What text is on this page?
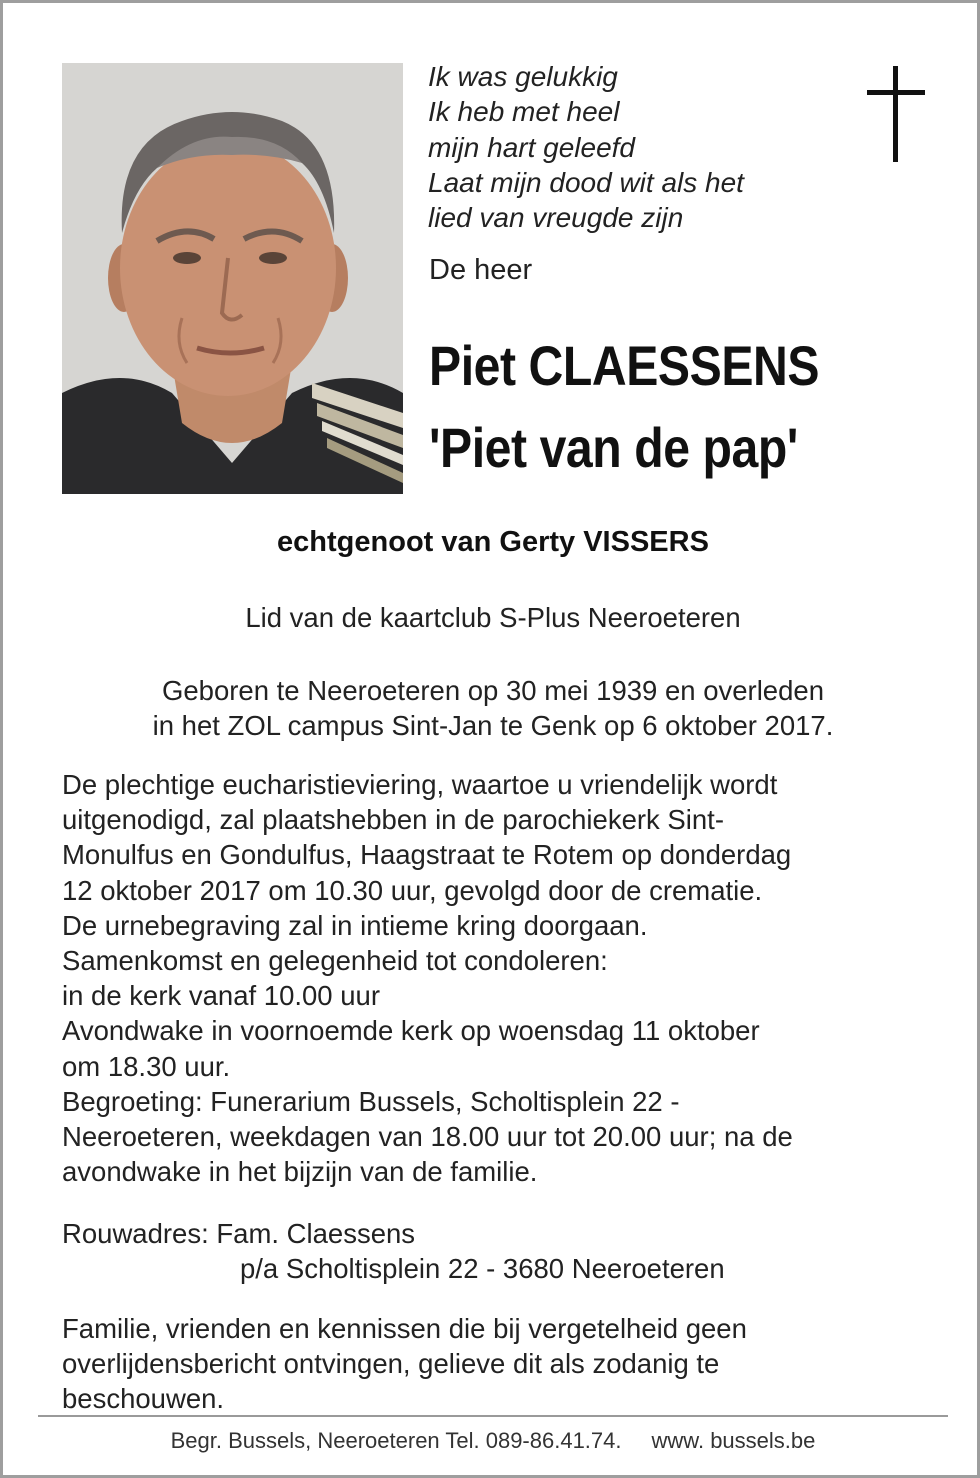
Ik was gelukkig
Ik heb met heel
mijn hart geleefd
Laat mijn dood wit als het
lied van vreugde zijn
De heer
Piet CLAESSENS
'Piet van de pap'
echtgenoot van Gerty VISSERS
Lid van de kaartclub S-Plus Neeroeteren
Geboren te Neeroeteren op 30 mei 1939 en overleden
in het ZOL campus Sint-Jan te Genk op 6 oktober 2017.
De plechtige eucharistieviering, waartoe u vriendelijk wordt
uitgenodigd, zal plaatshebben in de parochiekerk Sint-
Monulfus en Gondulfus, Haagstraat te Rotem op donderdag
12 oktober 2017 om 10.30 uur, gevolgd door de crematie.
De urnebegraving zal in intieme kring doorgaan.
Samenkomst en gelegenheid tot condoleren:
in de kerk vanaf 10.00 uur
Avondwake in voornoemde kerk op woensdag 11 oktober
om 18.30 uur.
Begroeting: Funerarium Bussels, Scholtisplein 22 -
Neeroeteren, weekdagen van 18.00 uur tot 20.00 uur; na de
avondwake in het bijzijn van de familie.
Rouwadres: Fam. Claessens
p/a Scholtisplein 22 - 3680 Neeroeteren
Familie, vrienden en kennissen die bij vergetelheid geen
overlijdensbericht ontvingen, gelieve dit als zodanig te
beschouwen.
Begr. Bussels, Neeroeteren Tel. 089-86.41.74. www. bussels.be
